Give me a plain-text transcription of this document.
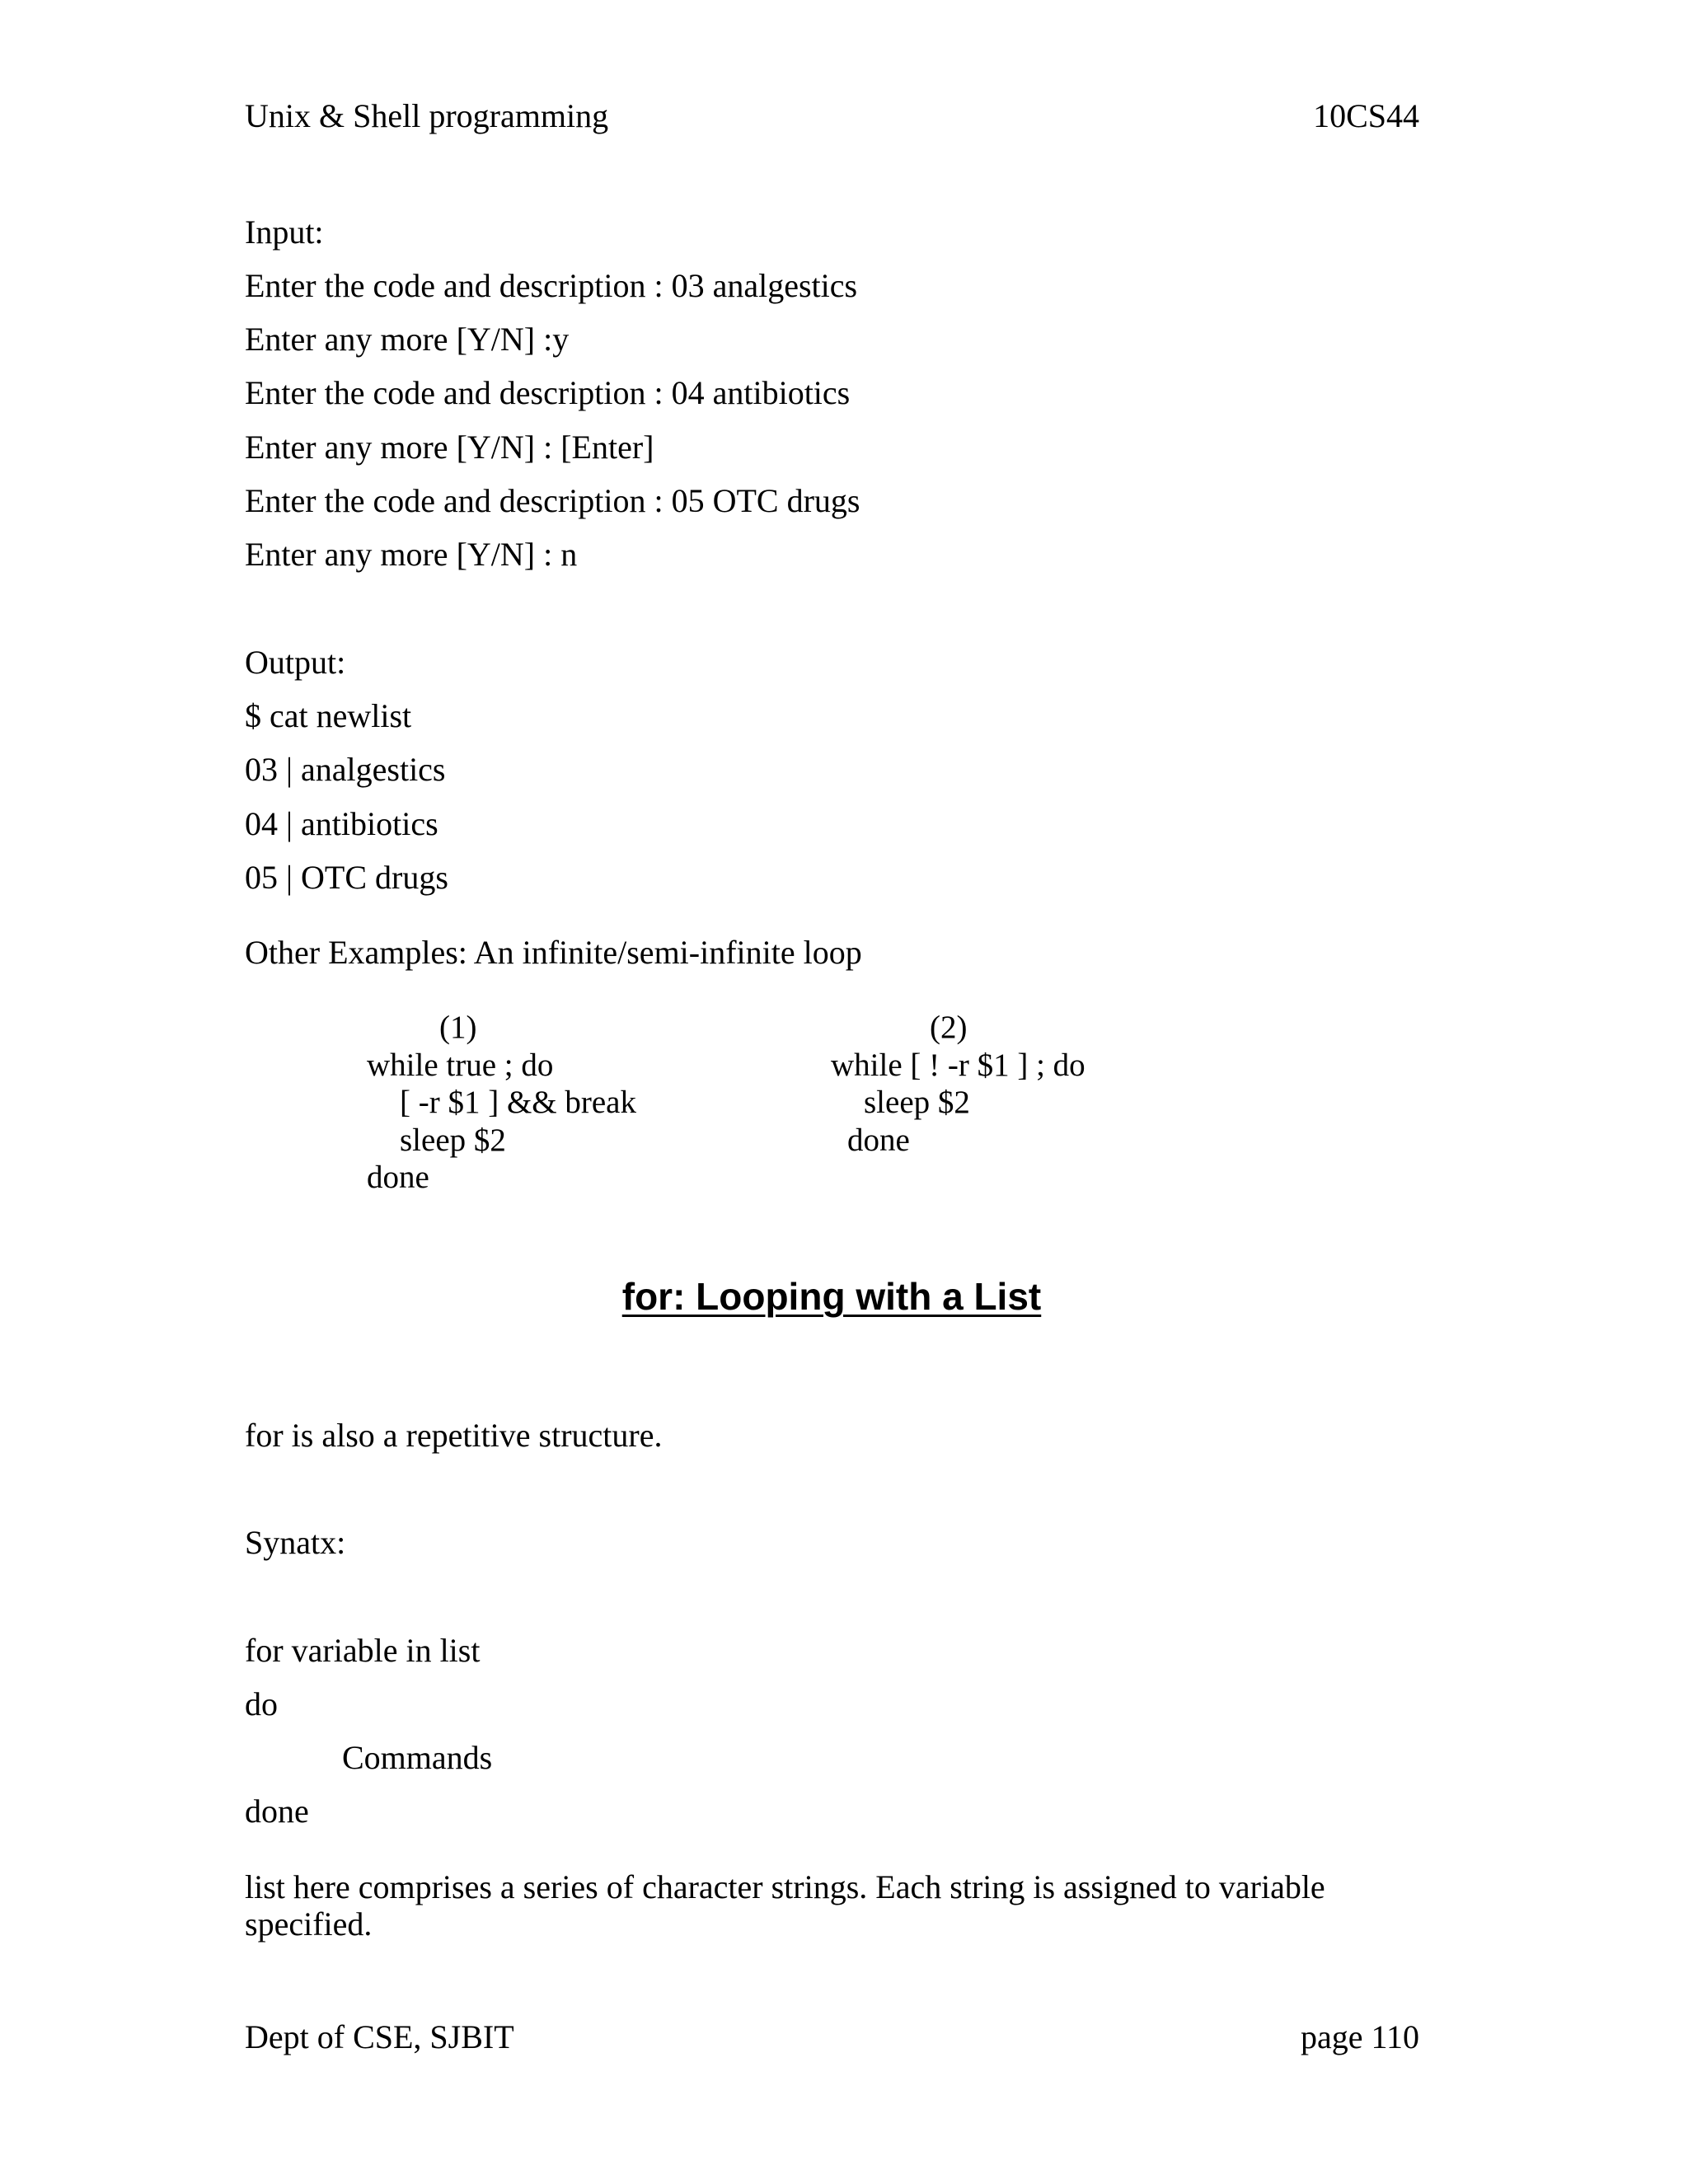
Unix & Shell programming	10CS44
Input:
Enter the code and description : 03 analgestics
Enter any more [Y/N] :y
Enter the code and description : 04 antibiotics
Enter any more [Y/N] : [Enter]
Enter the code and description : 05 OTC drugs
Enter any more [Y/N] : n
Output:
$ cat newlist
03 | analgestics
04 | antibiotics
05 | OTC drugs
Other Examples: An infinite/semi-infinite loop
(1)
while true ; do
[ -r $1 ] && break
sleep $2
done
(2)
while [ ! -r $1 ] ; do
sleep $2
done
for: Looping with a List
for is also a repetitive structure.
Synatx:
for variable in list
do
Commands
done
list here comprises a series of character strings. Each string is assigned to variable
specified.
Dept of CSE, SJBIT	page 110
